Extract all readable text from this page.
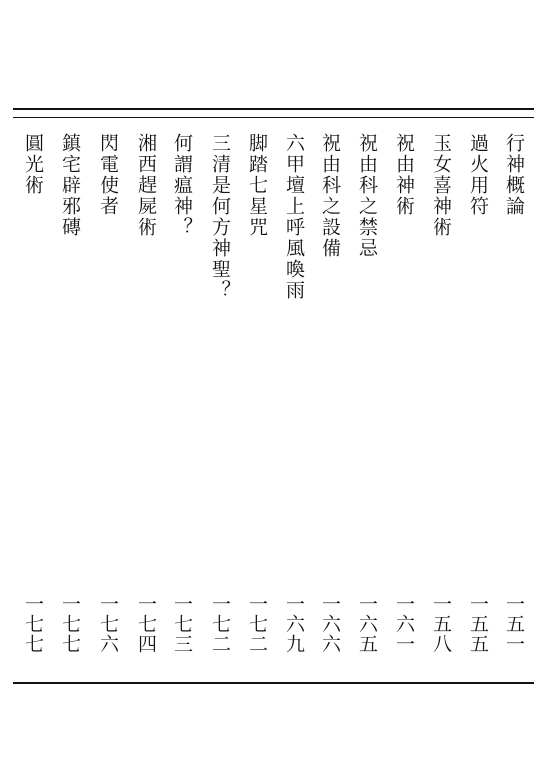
行神概論
一五一
過火用符
一五五
玉女喜神術
一五八
祝由神術
一六一
祝由科之禁忌
一六五
祝由科之設備
一六六
六甲壇上呼風喚雨
一六九
脚踏七星咒
一七二
三清是何方神聖？
一七二
何謂瘟神？
一七三
湘西趕屍術
一七四
閃電使者
一七六
鎮宅辟邪磚
一七七
圓光術
一七七
